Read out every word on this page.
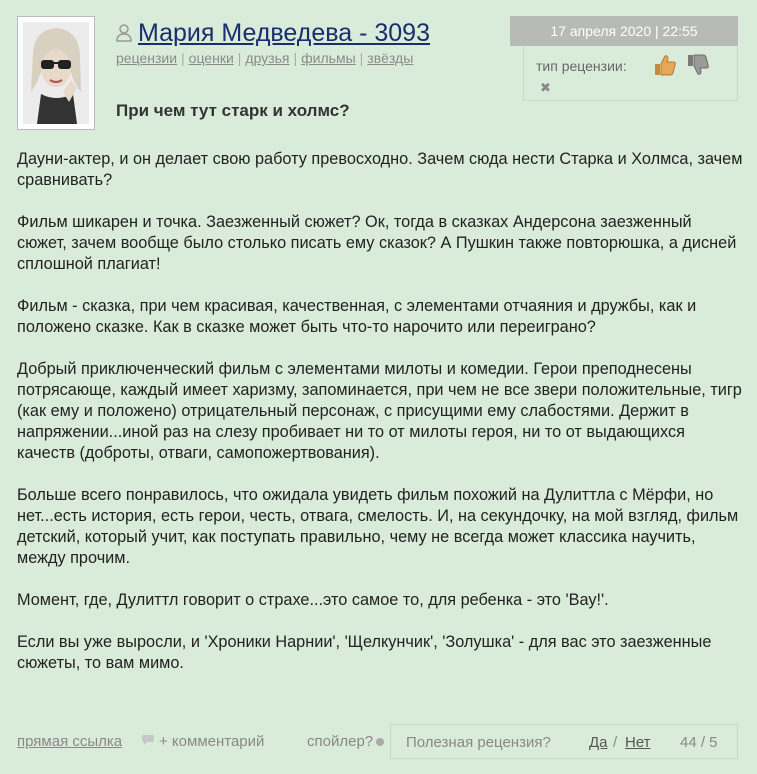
Мария Медведева - 3093
рецензии | оценки | друзья | фильмы | звёзды
17 апреля 2020 | 22:55
тип рецензии:
✖
При чем тут старк и холмс?

Дауни-актер, и он делает свою работу превосходно. Зачем сюда нести Старка и Холмса, зачем сравнивать?

Фильм шикарен и точка. Заезженный сюжет? Ок, тогда в сказках Андерсона заезженный сюжет, зачем вообще было столько писать ему сказок? А Пушкин также повторюшка, а дисней сплошной плагиат!

Фильм - сказка, при чем красивая, качественная, с элементами отчаяния и дружбы, как и положено сказке. Как в сказке может быть что-то нарочито или переиграно?

Добрый приключенческий фильм с элементами милоты и комедии. Герои преподнесены потрясающе, каждый имеет харизму, запоминается, при чем не все звери положительные, тигр (как ему и положено) отрицательный персонаж, с присущими ему слабостями. Держит в напряжении...иной раз на слезу пробивает ни то от милоты героя, ни то от выдающихся качеств (доброты, отваги, самопожертвования).

Больше всего понравилось, что ожидала увидеть фильм похожий на Дулиттла с Мёрфи, но нет...есть история, есть герои, честь, отвага, смелость. И, на секундочку, на мой взгляд, фильм детский, который учит, как поступать правильно, чему не всегда может классика научить, между прочим.

Момент, где, Дулиттл говорит о страхе...это самое то, для ребенка - это 'Вау!'.

Если вы уже выросли, и 'Хроники Нарнии', 'Щелкунчик', 'Золушка' - для вас это заезженные сюжеты, то вам мимо.

прямая ссылка + комментарий	спойлер? Полезная рецензия?	Да / Нет 44 / 5
